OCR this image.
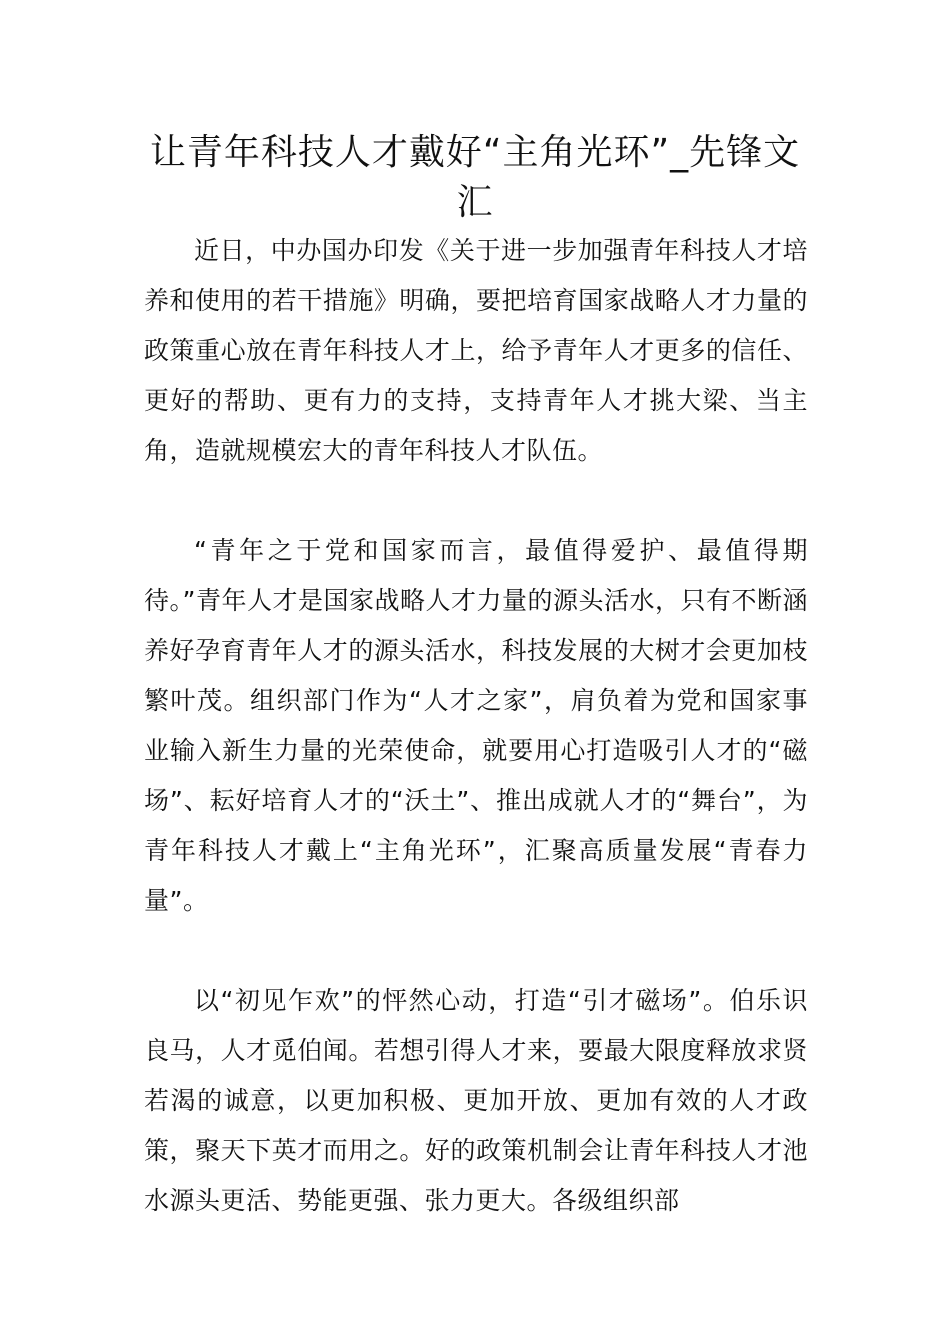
让青年科技人才戴好“主角光环”_先锋文汇

近日，中办国办印发《关于进一步加强青年科技人才培养和使用的若干措施》明确，要把培育国家战略人才力量的政策重心放在青年科技人才上，给予青年人才更多的信任、更好的帮助、更有力的支持，支持青年人才挑大梁、当主角，造就规模宏大的青年科技人才队伍。

“青年之于党和国家而言，最值得爱护、最值得期待。”青年人才是国家战略人才力量的源头活水，只有不断涵养好孕育青年人才的源头活水，科技发展的大树才会更加枝繁叶茂。组织部门作为“人才之家”，肩负着为党和国家事业输入新生力量的光荣使命，就要用心打造吸引人才的“磁场”、耘好培育人才的“沃土”、推出成就人才的“舞台”，为青年科技人才戴上“主角光环”，汇聚高质量发展“青春力量”。

以“初见乍欢”的怦然心动，打造“引才磁场”。伯乐识良马，人才觅伯闻。若想引得人才来，要最大限度释放求贤若渴的诚意，以更加积极、更加开放、更加有效的人才政策，聚天下英才而用之。好的政策机制会让青年科技人才池水源头更活、势能更强、张力更大。各级组织部
